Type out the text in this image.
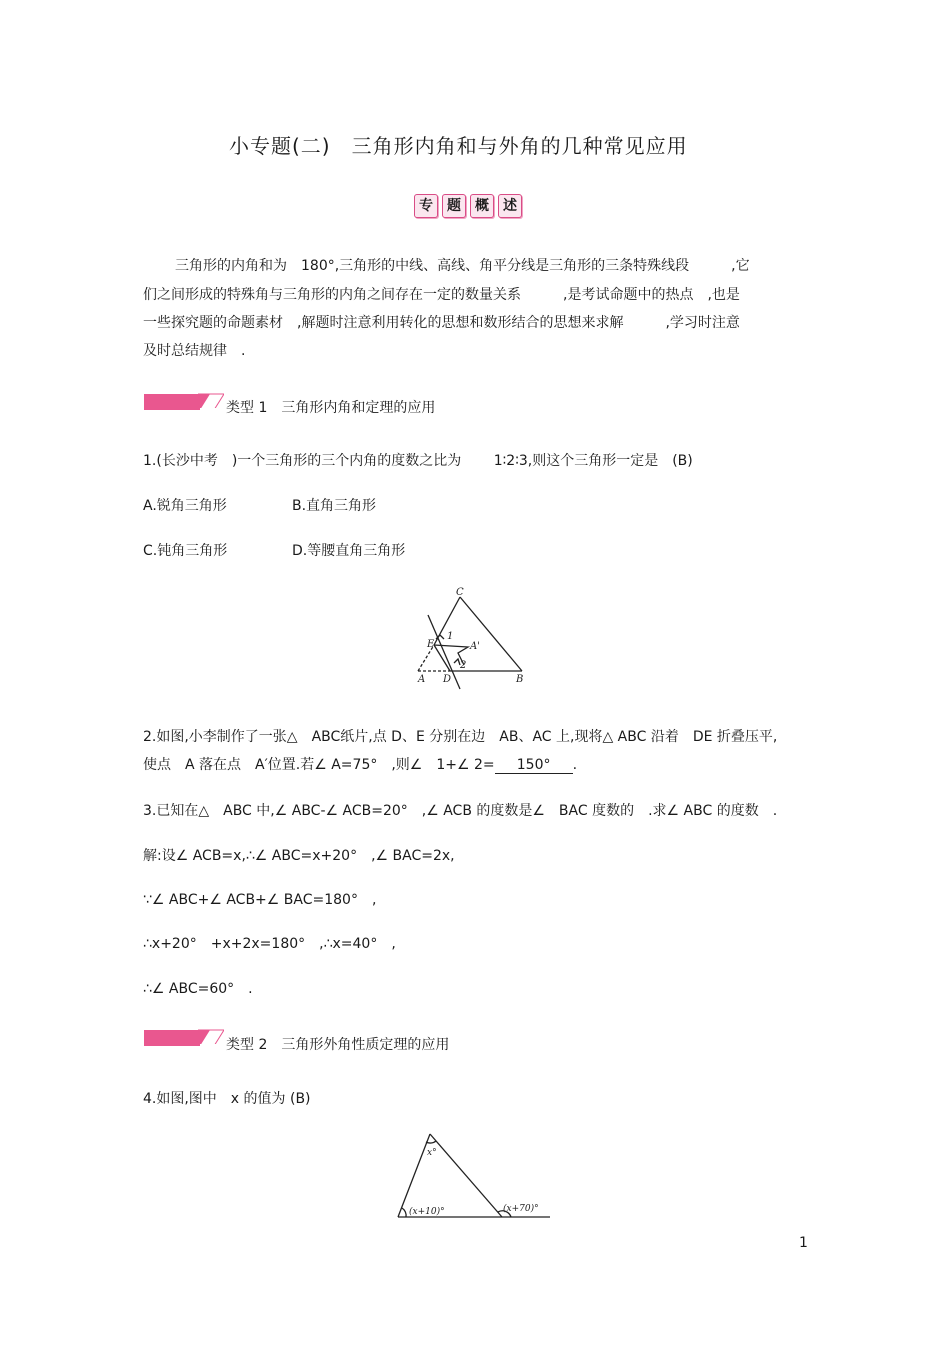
小专题(二)　三角形内角和与外角的几种常见应用
专 题 概 述
三角形的内角和为　180°,三角形的中线、高线、角平分线是三角形的三条特殊线段　　　,它
们之间形成的特殊角与三角形的内角之间存在一定的数量关系　　　,是考试命题中的热点　,也是
一些探究题的命题素材　,解题时注意利用转化的思想和数形结合的思想来求解　　　,学习时注意
及时总结规律　.
类型 1　三角形内角和定理的应用
1.(长沙中考　)一个三角形的三个内角的度数之比为　　 1∶2∶3,则这个三角形一定是　(B)
A.锐角三角形	B.直角三角形
C.钝角三角形	D.等腰直角三角形
C
E
1
A'
2
A D	B
2.如图,小李制作了一张△　ABC纸片,点 D、E 分别在边　AB、AC 上,现将△ ABC 沿着　DE 折叠压平,
使点　A 落在点　A′位置.若∠ A=75°　,则∠　1+∠ 2= 150° .
3.已知在△　ABC 中,∠ ABC-∠ ACB=20°　,∠ ACB 的度数是∠　BAC 度数的　.求∠ ABC 的度数　.
解:设∠ ACB=x,∴∠ ABC=x+20°　,∠ BAC=2x,
∵∠ ABC+∠ ACB+∠ BAC=180°　,
∴x+20°　+x+2x=180°　,∴x=40°　,
∴∠ ABC=60°　.
类型 2　三角形外角性质定理的应用
4.如图,图中　x 的值为 (B)
x°
(x+10)°	(x+70)°
1
